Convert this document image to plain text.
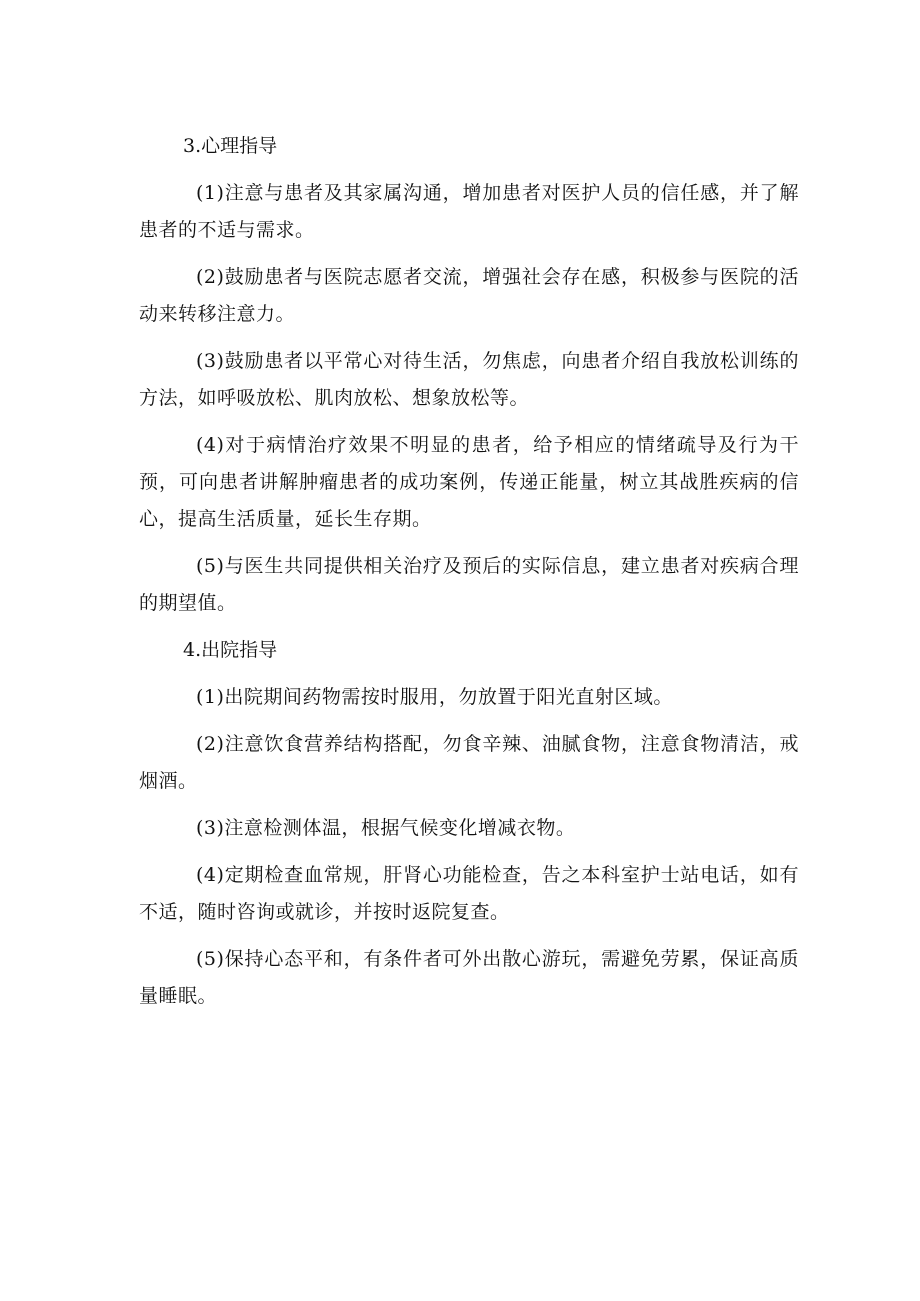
3.心理指导

(1)注意与患者及其家属沟通，增加患者对医护人员的信任感，并了解患者的不适与需求。

(2)鼓励患者与医院志愿者交流，增强社会存在感，积极参与医院的活动来转移注意力。

(3)鼓励患者以平常心对待生活，勿焦虑，向患者介绍自我放松训练的方法，如呼吸放松、肌肉放松、想象放松等。

(4)对于病情治疗效果不明显的患者，给予相应的情绪疏导及行为干预，可向患者讲解肿瘤患者的成功案例，传递正能量，树立其战胜疾病的信心，提高生活质量，延长生存期。

(5)与医生共同提供相关治疗及预后的实际信息，建立患者对疾病合理的期望值。

4.出院指导

(1)出院期间药物需按时服用，勿放置于阳光直射区域。

(2)注意饮食营养结构搭配，勿食辛辣、油腻食物，注意食物清洁，戒烟酒。

(3)注意检测体温，根据气候变化增减衣物。

(4)定期检查血常规，肝肾心功能检查，告之本科室护士站电话，如有不适，随时咨询或就诊，并按时返院复查。

(5)保持心态平和，有条件者可外出散心游玩，需避免劳累，保证高质量睡眠。
